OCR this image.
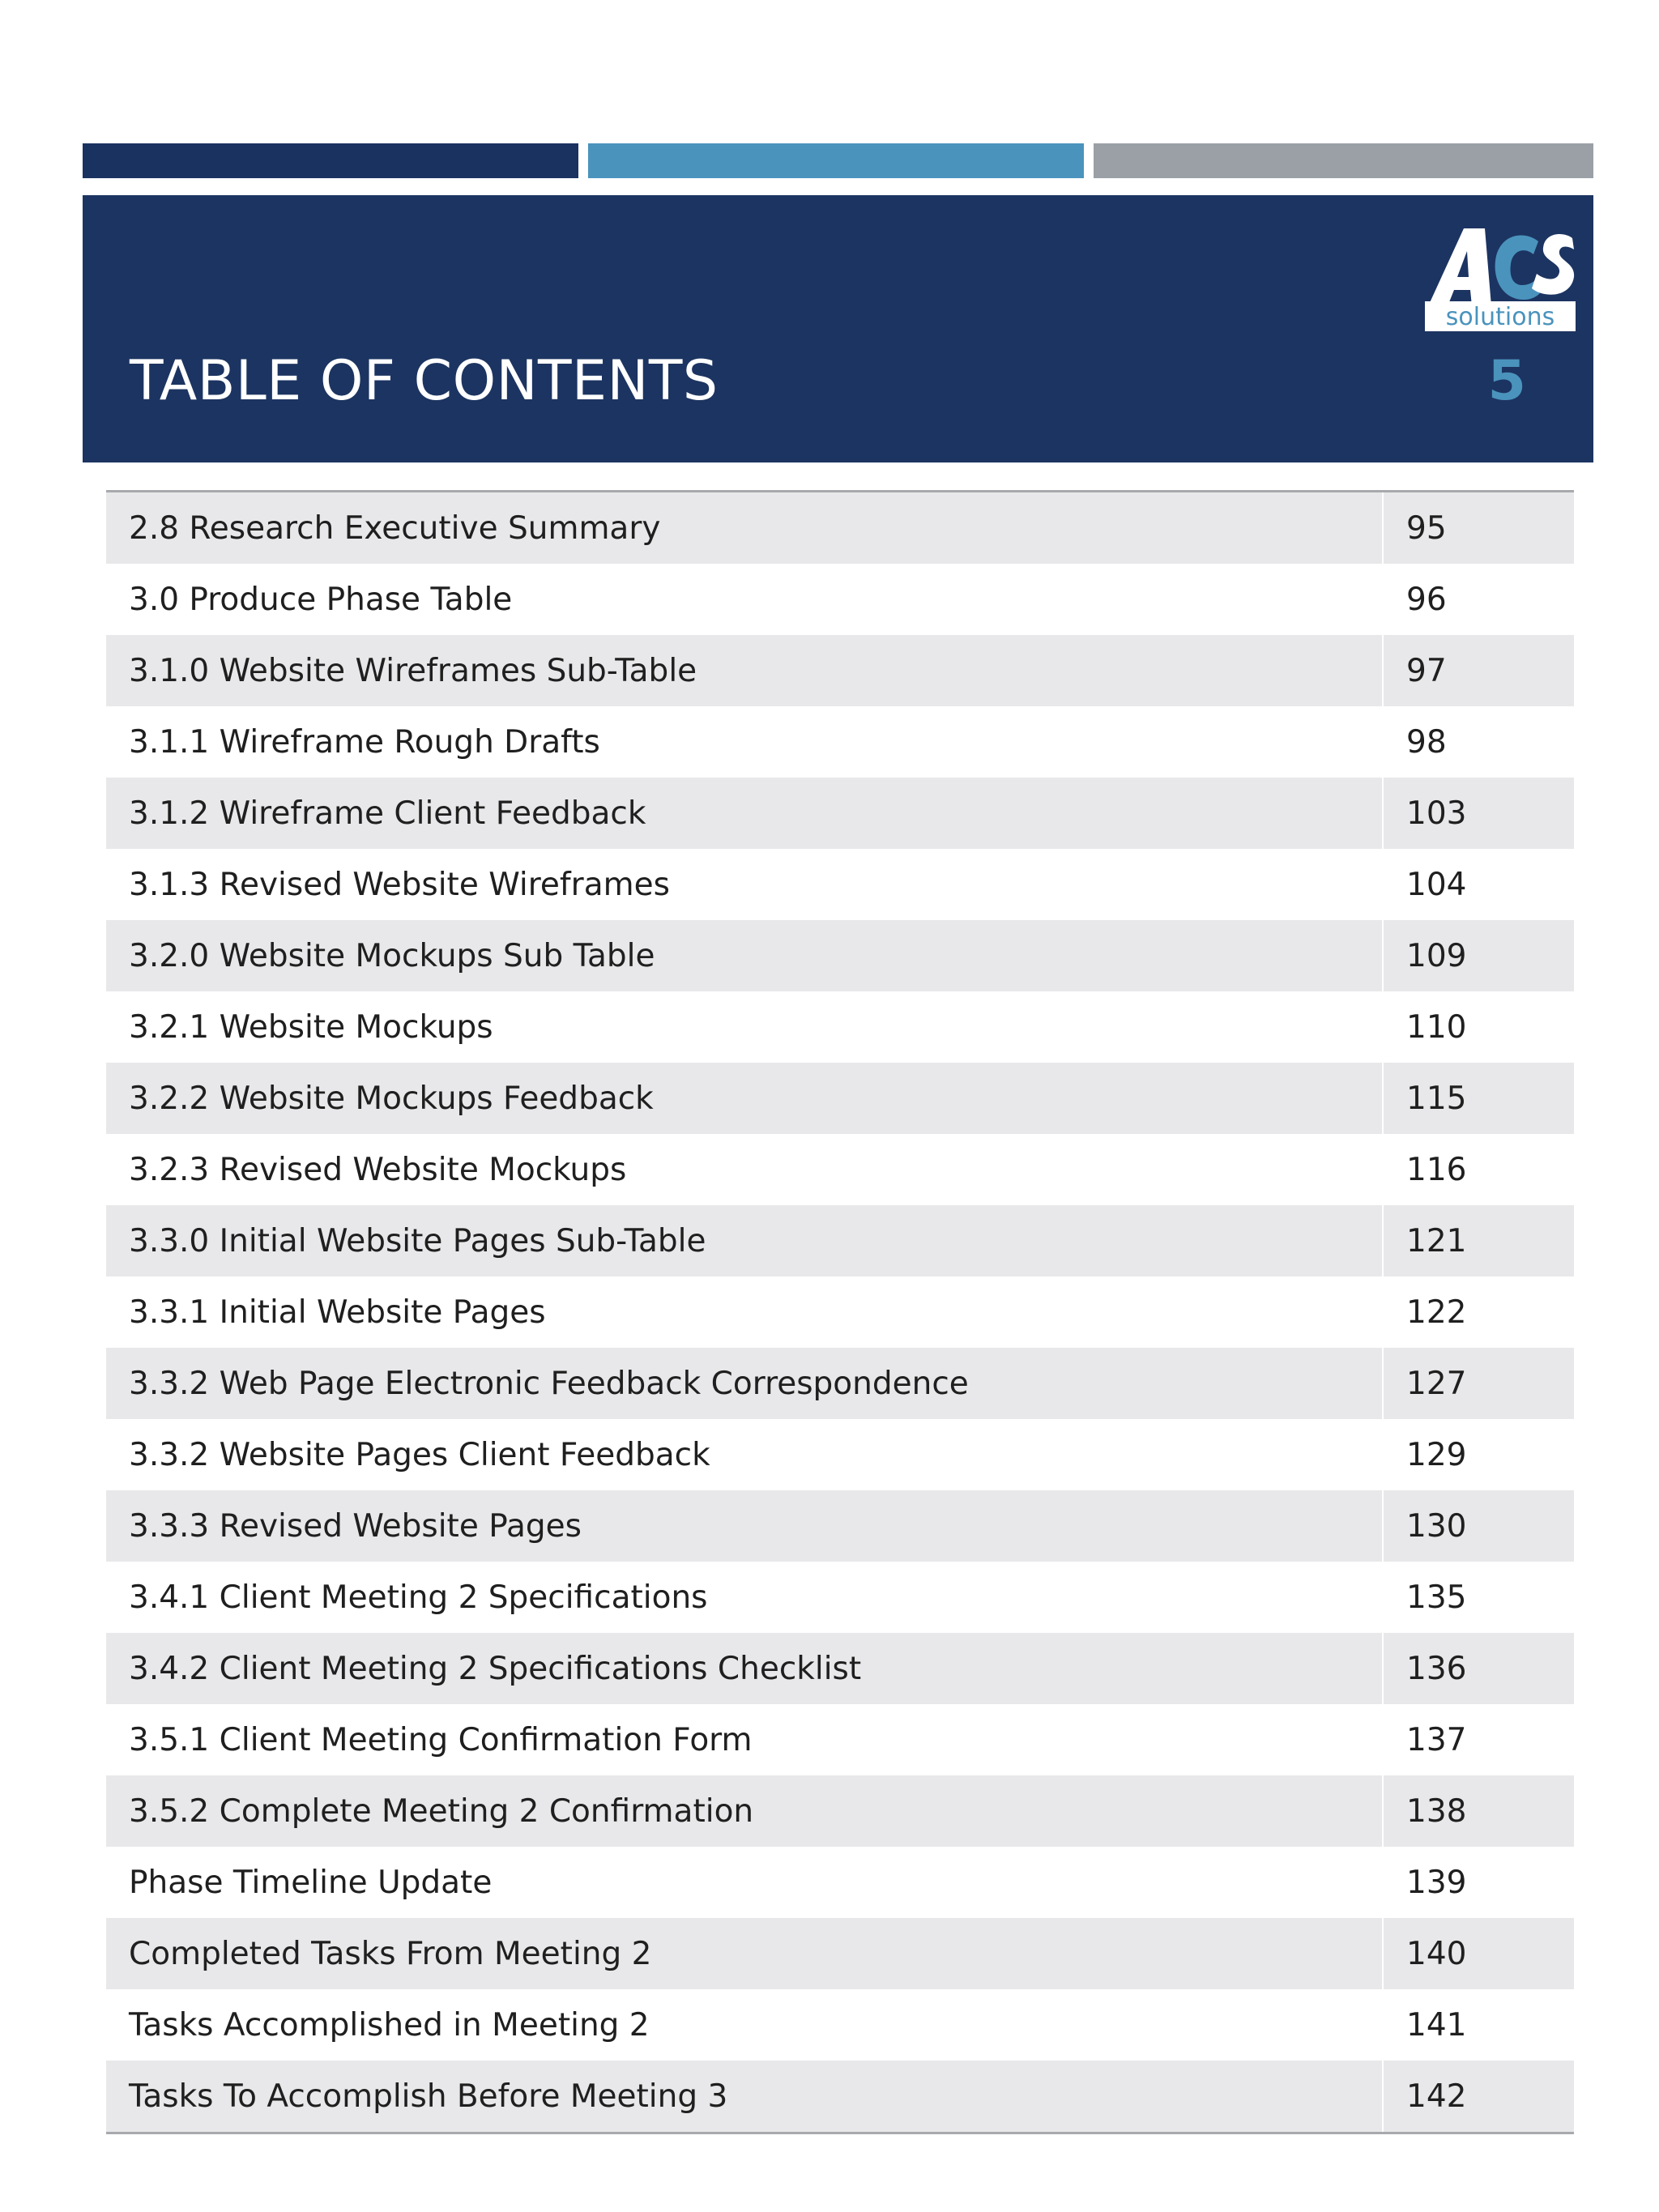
solutions
TABLE OF CONTENTS	5
2.8 Research Executive Summary	95
3.0 Produce Phase Table	96
3.1.0 Website Wireframes Sub-Table	97
3.1.1 Wireframe Rough Drafts	98
3.1.2 Wireframe Client Feedback	103
3.1.3 Revised Website Wireframes	104
3.2.0 Website Mockups Sub Table	109
3.2.1 Website Mockups	110
3.2.2 Website Mockups Feedback	115
3.2.3 Revised Website Mockups	116
3.3.0 Initial Website Pages Sub-Table	121
3.3.1 Initial Website Pages	122
3.3.2 Web Page Electronic Feedback Correspondence	127
3.3.2 Website Pages Client Feedback	129
3.3.3 Revised Website Pages	130
3.4.1 Client Meeting 2 Specifications	135
3.4.2 Client Meeting 2 Specifications Checklist	136
3.5.1 Client Meeting Confirmation Form	137
3.5.2 Complete Meeting 2 Confirmation	138
Phase Timeline Update	139
Completed Tasks From Meeting 2	140
Tasks Accomplished in Meeting 2	141
Tasks To Accomplish Before Meeting 3	142
